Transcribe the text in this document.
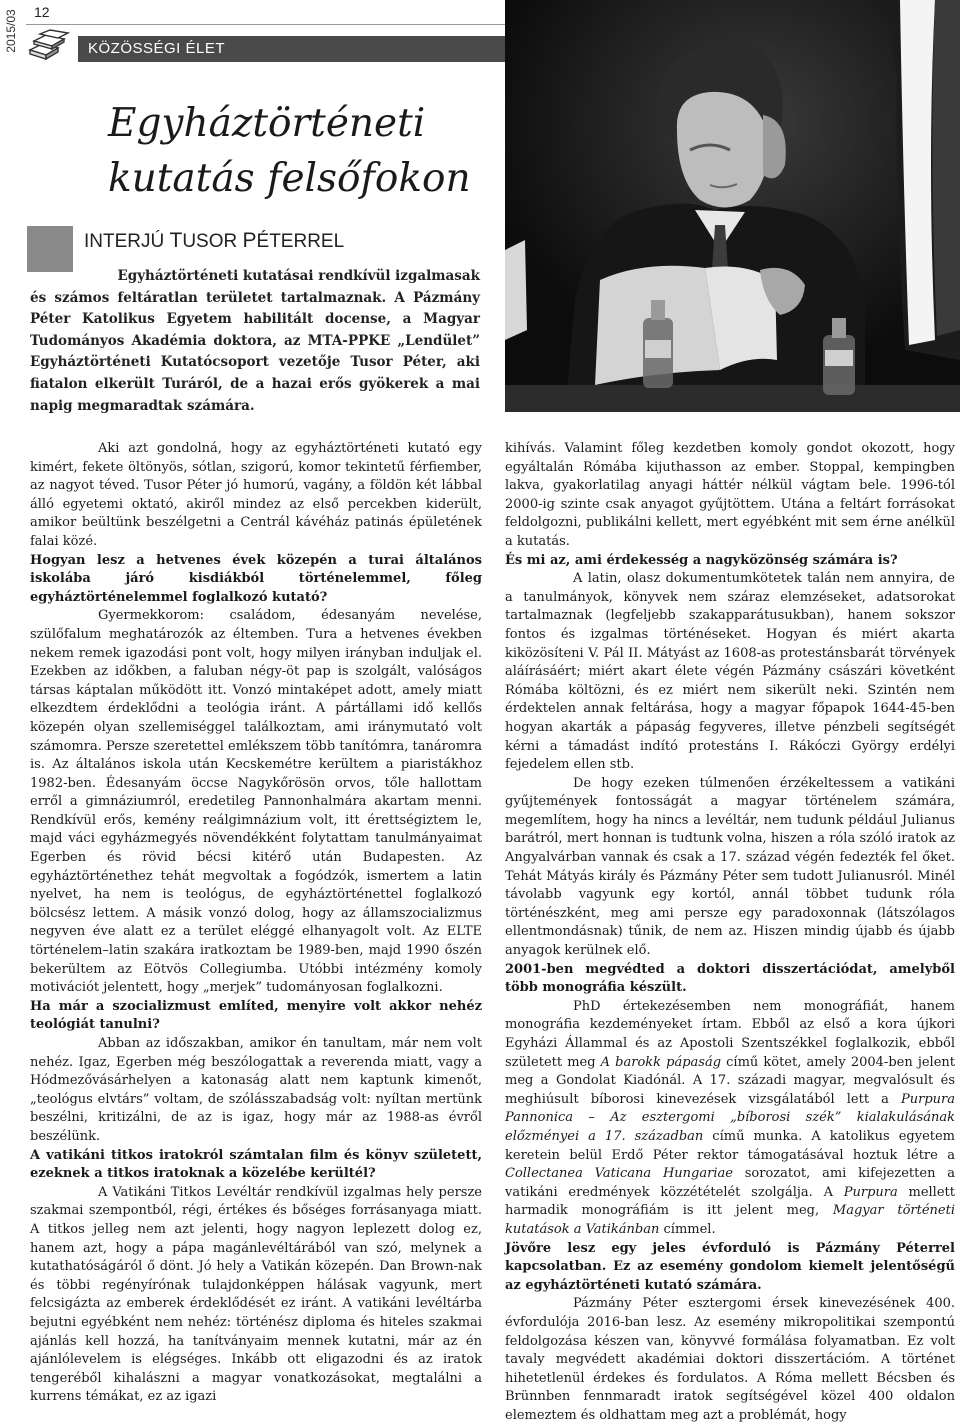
2015/03 12
KÖZÖSSÉGI ÉLET
Egyháztörténeti
kutatás felsőfokon
INTERJÚ TUSOR PÉTERREL
Egyháztörténeti kutatásai rendkívül izgalmasak
és számos feltáratlan területet tartalmaznak. A Pázmány Péter Katolikus Egyetem habilitált docense, a Magyar Tudományos Akadémia doktora, az MTA-PPKE „Lendület” Egyháztörténeti Kutatócsoport vezetője Tusor Péter, aki fiatalon elkerült Turáról, de a hazai erős gyökerek a mai napig megmaradtak számára.

Aki azt gondolná, hogy az egyháztörténeti kutató egy kimért, fekete öltönyös, sótlan, szigorú, komor tekintetű férfiember, az nagyot téved. Tusor Péter jó humorú, vagány, a földön két lábbal álló egyetemi oktató, akiről mindez az első percekben kiderült, amikor beültünk beszélgetni a Centrál kávéház patinás épületének falai közé.

Hogyan lesz a hetvenes évek közepén a turai általános iskolába járó kisdiákból történelemmel, főleg egyháztörténelemmel foglalkozó kutató?

Gyermekkorom: családom, édesanyám nevelése, szülőfalum meghatározók az éltemben. Tura a hetvenes években nekem remek igazodási pont volt, hogy milyen irányban induljak el. Ezekben az időkben, a faluban négy-öt pap is szolgált, valóságos társas káptalan működött itt. Vonzó mintaképet adott, amely miatt elkezdtem érdeklődni a teológia iránt. A pártállami idő kellős közepén olyan szellemiséggel találkoztam, ami iránymutató volt számomra. Persze szeretettel emlékszem több tanítómra, tanáromra is. Az általános iskola után Kecskemétre kerültem a piaristákhoz 1982-ben. Édesanyám öccse Nagykőrösön orvos, tőle hallottam erről a gimnáziumról, eredetileg Pannonhalmára akartam menni. Rendkívül erős, kemény reálgimnázium volt, itt érettségiztem le, majd váci egyházmegyés növendékként folytattam tanulmányaimat Egerben és rövid bécsi kitérő után Budapesten. Az egyháztörténethez tehát megvoltak a fogódzók, ismertem a latin nyelvet, ha nem is teológus, de egyháztörténettel foglalkozó bölcsész lettem. A másik vonzó dolog, hogy az államszocializmus negyven éve alatt ez a terület eléggé elhanyagolt volt. Az ELTE történelem–latin szakára iratkoztam be 1989-ben, majd 1990 őszén bekerültem az Eötvös Collegiumba. Utóbbi intézmény komoly motivációt jelentett, hogy „merjek” tudományosan foglalkozni.

Ha már a szocializmust említed, menyire volt akkor nehéz teológiát tanulni?

Abban az időszakban, amikor én tanultam, már nem volt nehéz. Igaz, Egerben még beszólogattak a reverenda miatt, vagy a Hódmezővásárhelyen a katonaság alatt nem kaptunk kimenőt, „teológus elvtárs” voltam, de szólásszabadság volt: nyíltan mertünk beszélni, kritizálni, de az is igaz, hogy már az 1988-as évről beszélünk.

A vatikáni titkos iratokról számtalan film és könyv született, ezeknek a titkos iratoknak a közelébe kerültél?

A Vatikáni Titkos Levéltár rendkívül izgalmas hely persze szakmai szempontból, régi, értékes és bőséges forrásanyaga miatt. A titkos jelleg nem azt jelenti, hogy nagyon leplezett dolog ez, hanem azt, hogy a pápa magánlevéltárából van szó, melynek a kutathatóságáról ő dönt. Jó hely a Vatikán közepén. Dan Brown-nak és többi regényírónak tulajdonképpen hálásak vagyunk, mert felcsigázta az emberek érdeklődését ez iránt. A vatikáni levéltárba bejutni egyébként nem nehéz: történész diploma és hiteles szakmai ajánlás kell hozzá, ha tanítványaim mennek kutatni, már az én ajánlólevelem is elégséges. Inkább ott eligazodni és az iratok tengeréből kihalászni a magyar vonatkozásokat, megtalálni a kurrens témákat, ez az igazi

kihívás. Valamint főleg kezdetben komoly gondot okozott, hogy egyáltalán Rómába kijuthasson az ember. Stoppal, kempingben lakva, gyakorlatilag anyagi háttér nélkül vágtam bele. 1996-tól 2000-ig szinte csak anyagot gyűjtöttem. Utána a feltárt forrásokat feldolgozni, publikálni kellett, mert egyébként mit sem érne anélkül a kutatás.

És mi az, ami érdekesség a nagyközönség számára is?

A latin, olasz dokumentumkötetek talán nem annyira, de a tanulmányok, könyvek nem száraz elemzéseket, adatsorokat tartalmaznak (legfeljebb szakapparátusukban), hanem sokszor fontos és izgalmas történéseket. Hogyan és miért akarta kiközösíteni V. Pál II. Mátyást az 1608-as protestánsbarát törvények aláírásáért; miért akart élete végén Pázmány császári követként Rómába költözni, és ez miért nem sikerült neki. Szintén nem érdektelen annak feltárása, hogy a magyar főpapok 1644-45-ben hogyan akarták a pápaság fegyveres, illetve pénzbeli segítségét kérni a támadást indító protestáns I. Rákóczi György erdélyi fejedelem ellen stb.

De hogy ezeken túlmenően érzékeltessem a vatikáni gyűjtemények fontosságát a magyar történelem számára, megemlítem, hogy ha nincs a levéltár, nem tudunk például Julianus barátról, mert honnan is tudtunk volna, hiszen a róla szóló iratok az Angyalvárban vannak és csak a 17. század végén fedezték fel őket. Tehát Mátyás király és Pázmány Péter sem tudott Julianusról. Minél távolabb vagyunk egy kortól, annál többet tudunk róla történészként, meg ami persze egy paradoxonnak (látszólagos ellentmondásnak) tűnik, de nem az. Hiszen mindig újabb és újabb anyagok kerülnek elő.

2001-ben megvédted a doktori disszertációdat, amelyből több monográfia készült.

PhD értekezésemben nem monográfiát, hanem monográfia kezdeményeket írtam. Ebből az első a kora újkori Egyházi Állammal és az Apostoli Szentszékkel foglalkozik, ebből született meg A barokk pápaság című kötet, amely 2004-ben jelent meg a Gondolat Kiadónál. A 17. századi magyar, megvalósult és meghiúsult bíborosi kinevezések vizsgálatából lett a Purpura Pannonica – Az esztergomi „bíborosi szék” kialakulásának előzményei a 17. században című munka. A katolikus egyetem keretein belül Erdő Péter rektor támogatásával hoztuk létre a Collectanea Vaticana Hungariae sorozatot, ami kifejezetten a vatikáni eredmények közzétételét szolgálja. A Purpura mellett harmadik monográfiám is itt jelent meg, Magyar történeti kutatások a Vatikánban címmel.

Jövőre lesz egy jeles évforduló is Pázmány Péterrel kapcsolatban. Ez az esemény gondolom kiemelt jelentőségű az egyháztörténeti kutató számára.

Pázmány Péter esztergomi érsek kinevezésének 400. évfordulója 2016-ban lesz. Az esemény mikropolitikai szempontú feldolgozása készen van, könyvvé formálása folyamatban. Ez volt tavaly megvédett akadémiai doktori disszertációm. A történet hihetetlenül érdekes és fordulatos. A Róma mellett Bécsben és Brünnben fennmaradt iratok segítségével közel 400 oldalon elemeztem és oldhattam meg azt a problémát, hogy
